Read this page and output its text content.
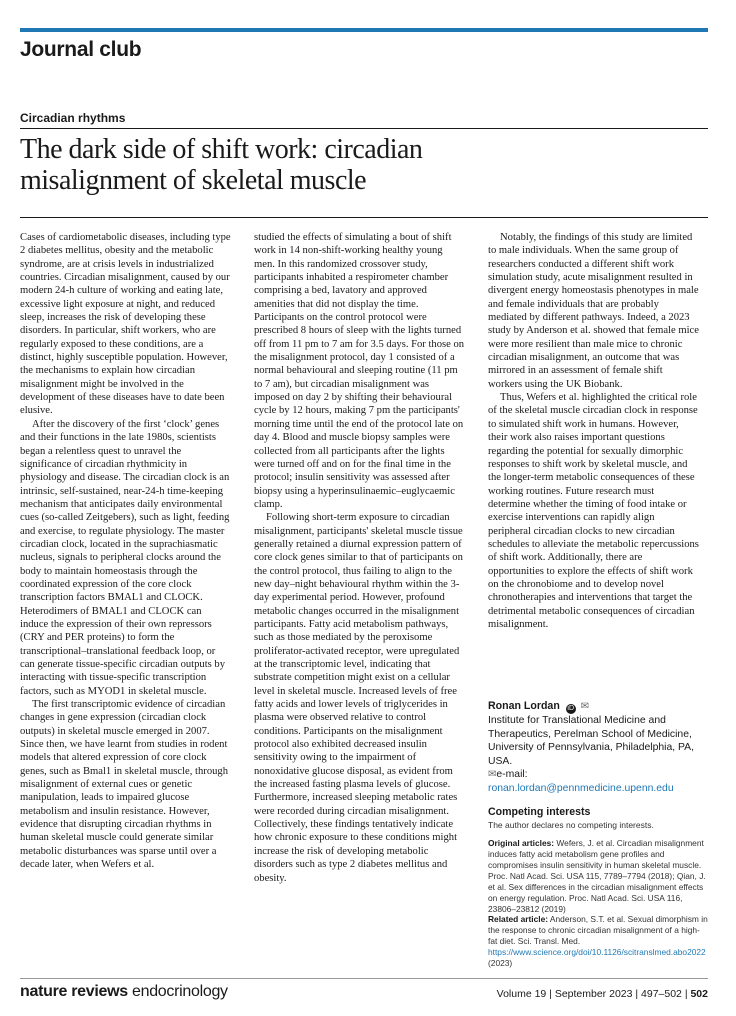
Journal club
Circadian rhythms
The dark side of shift work: circadian
misalignment of skeletal muscle

Cases of cardiometabolic diseases, including type 2 diabetes mellitus, obesity and the metabolic syndrome, are at crisis levels in industrialized countries. Circadian misalignment, caused by our modern 24-h culture of working and eating late, excessive light exposure at night, and reduced sleep, increases the risk of developing these disorders. In particular, shift workers, who are regularly exposed to these conditions, are a distinct, highly susceptible population. However, the mechanisms to explain how circadian misalignment might be involved in the development of these diseases have to date been elusive.

After the discovery of the first ‘clock’ genes and their functions in the late 1980s, scientists began a relentless quest to unravel the significance of circadian rhythmicity in physiology and disease. The circadian clock is an intrinsic, self-sustained, near-24-h time-keeping mechanism that anticipates daily environmental cues (so-called Zeitgebers), such as light, feeding and exercise, to regulate physiology. The master circadian clock, located in the suprachiasmatic nucleus, signals to peripheral clocks around the body to maintain homeostasis through the coordinated expression of the core clock transcription factors BMAL1 and CLOCK. Heterodimers of BMAL1 and CLOCK can induce the expression of their own repressors (CRY and PER proteins) to form the transcriptional–translational feedback loop, or can generate tissue-specific circadian outputs by interacting with tissue-specific transcription factors, such as MYOD1 in skeletal muscle.

The first transcriptomic evidence of circadian changes in gene expression (circadian clock outputs) in skeletal muscle emerged in 2007. Since then, we have learnt from studies in rodent models that altered expression of core clock genes, such as Bmal1 in skeletal muscle, through misalignment of external cues or genetic manipulation, leads to impaired glucose metabolism and insulin resistance. However, evidence that disrupting circadian rhythms in human skeletal muscle could generate similar metabolic disturbances was sparse until over a decade later, when Wefers et al.

studied the effects of simulating a bout of shift work in 14 non-shift-working healthy young men. In this randomized crossover study, participants inhabited a respirometer chamber comprising a bed, lavatory and approved amenities that did not display the time. Participants on the control protocol were prescribed 8 hours of sleep with the lights turned off from 11 pm to 7 am for 3.5 days. For those on the misalignment protocol, day 1 consisted of a normal behavioural and sleeping routine (11 pm to 7 am), but circadian misalignment was imposed on day 2 by shifting their behavioural cycle by 12 hours, making 7 pm the participants' morning time until the end of the protocol late on day 4. Blood and muscle biopsy samples were collected from all participants after the lights were turned off and on for the final time in the protocol; insulin sensitivity was assessed after biopsy using a hyperinsulinaemic–euglycaemic clamp.

Following short-term exposure to circadian misalignment, participants' skeletal muscle tissue generally retained a diurnal expression pattern of core clock genes similar to that of participants on the control protocol, thus failing to align to the new day–night behavioural rhythm within the 3-day experimental period. However, profound metabolic changes occurred in the misalignment participants. Fatty acid metabolism pathways, such as those mediated by the peroxisome proliferator-activated receptor, were upregulated at the transcriptomic level, indicating that substrate competition might exist on a cellular level in skeletal muscle. Increased levels of free fatty acids and lower levels of triglycerides in plasma were observed relative to control conditions. Participants on the misalignment protocol also exhibited decreased insulin sensitivity owing to the impairment of nonoxidative glucose disposal, as evident from the increased fasting plasma levels of glucose. Furthermore, increased sleeping metabolic rates were recorded during circadian misalignment. Collectively, these findings tentatively indicate how chronic exposure to these conditions might increase the risk of developing metabolic disorders such as type 2 diabetes mellitus and obesity.

Notably, the findings of this study are limited to male individuals. When the same group of researchers conducted a different shift work simulation study, acute misalignment resulted in divergent energy homeostasis phenotypes in male and female individuals that are probably mediated by different pathways. Indeed, a 2023 study by Anderson et al. showed that female mice were more resilient than male mice to chronic circadian misalignment, an outcome that was mirrored in an assessment of female shift workers using the UK Biobank.

Thus, Wefers et al. highlighted the critical role of the skeletal muscle circadian clock in response to simulated shift work in humans. However, their work also raises important questions regarding the potential for sexually dimorphic responses to shift work by skeletal muscle, and the longer-term metabolic consequences of these working routines. Future research must determine whether the timing of food intake or exercise interventions can rapidly align peripheral circadian clocks to new circadian schedules to alleviate the metabolic repercussions of shift work. Additionally, there are opportunities to explore the effects of shift work on the chronobiome and to develop novel chronotherapies and interventions that target the detrimental metabolic consequences of circadian misalignment.

Ronan Lordan iD ✉
Institute for Translational Medicine and Therapeutics, Perelman School of Medicine, University of Pennsylvania, Philadelphia, PA, USA.
✉e-mail: ronan.lordan@pennmedicine.upenn.edu
Competing interests
The author declares no competing interests.
Original articles: Wefers, J. et al. Circadian misalignment induces fatty acid metabolism gene profiles and compromises insulin sensitivity in human skeletal muscle. Proc. Natl Acad. Sci. USA 115, 7789–7794 (2018); Qian, J. et al. Sex differences in the circadian misalignment effects on energy regulation. Proc. Natl Acad. Sci. USA 116, 23806–23812 (2019)
Related article: Anderson, S.T. et al. Sexual dimorphism in the response to chronic circadian misalignment of a high-fat diet. Sci. Transl. Med. https://www.science.org/doi/10.1126/scitranslmed.abo2022 (2023)
nature reviews endocrinology	Volume 19 | September 2023 | 497–502 | 502
